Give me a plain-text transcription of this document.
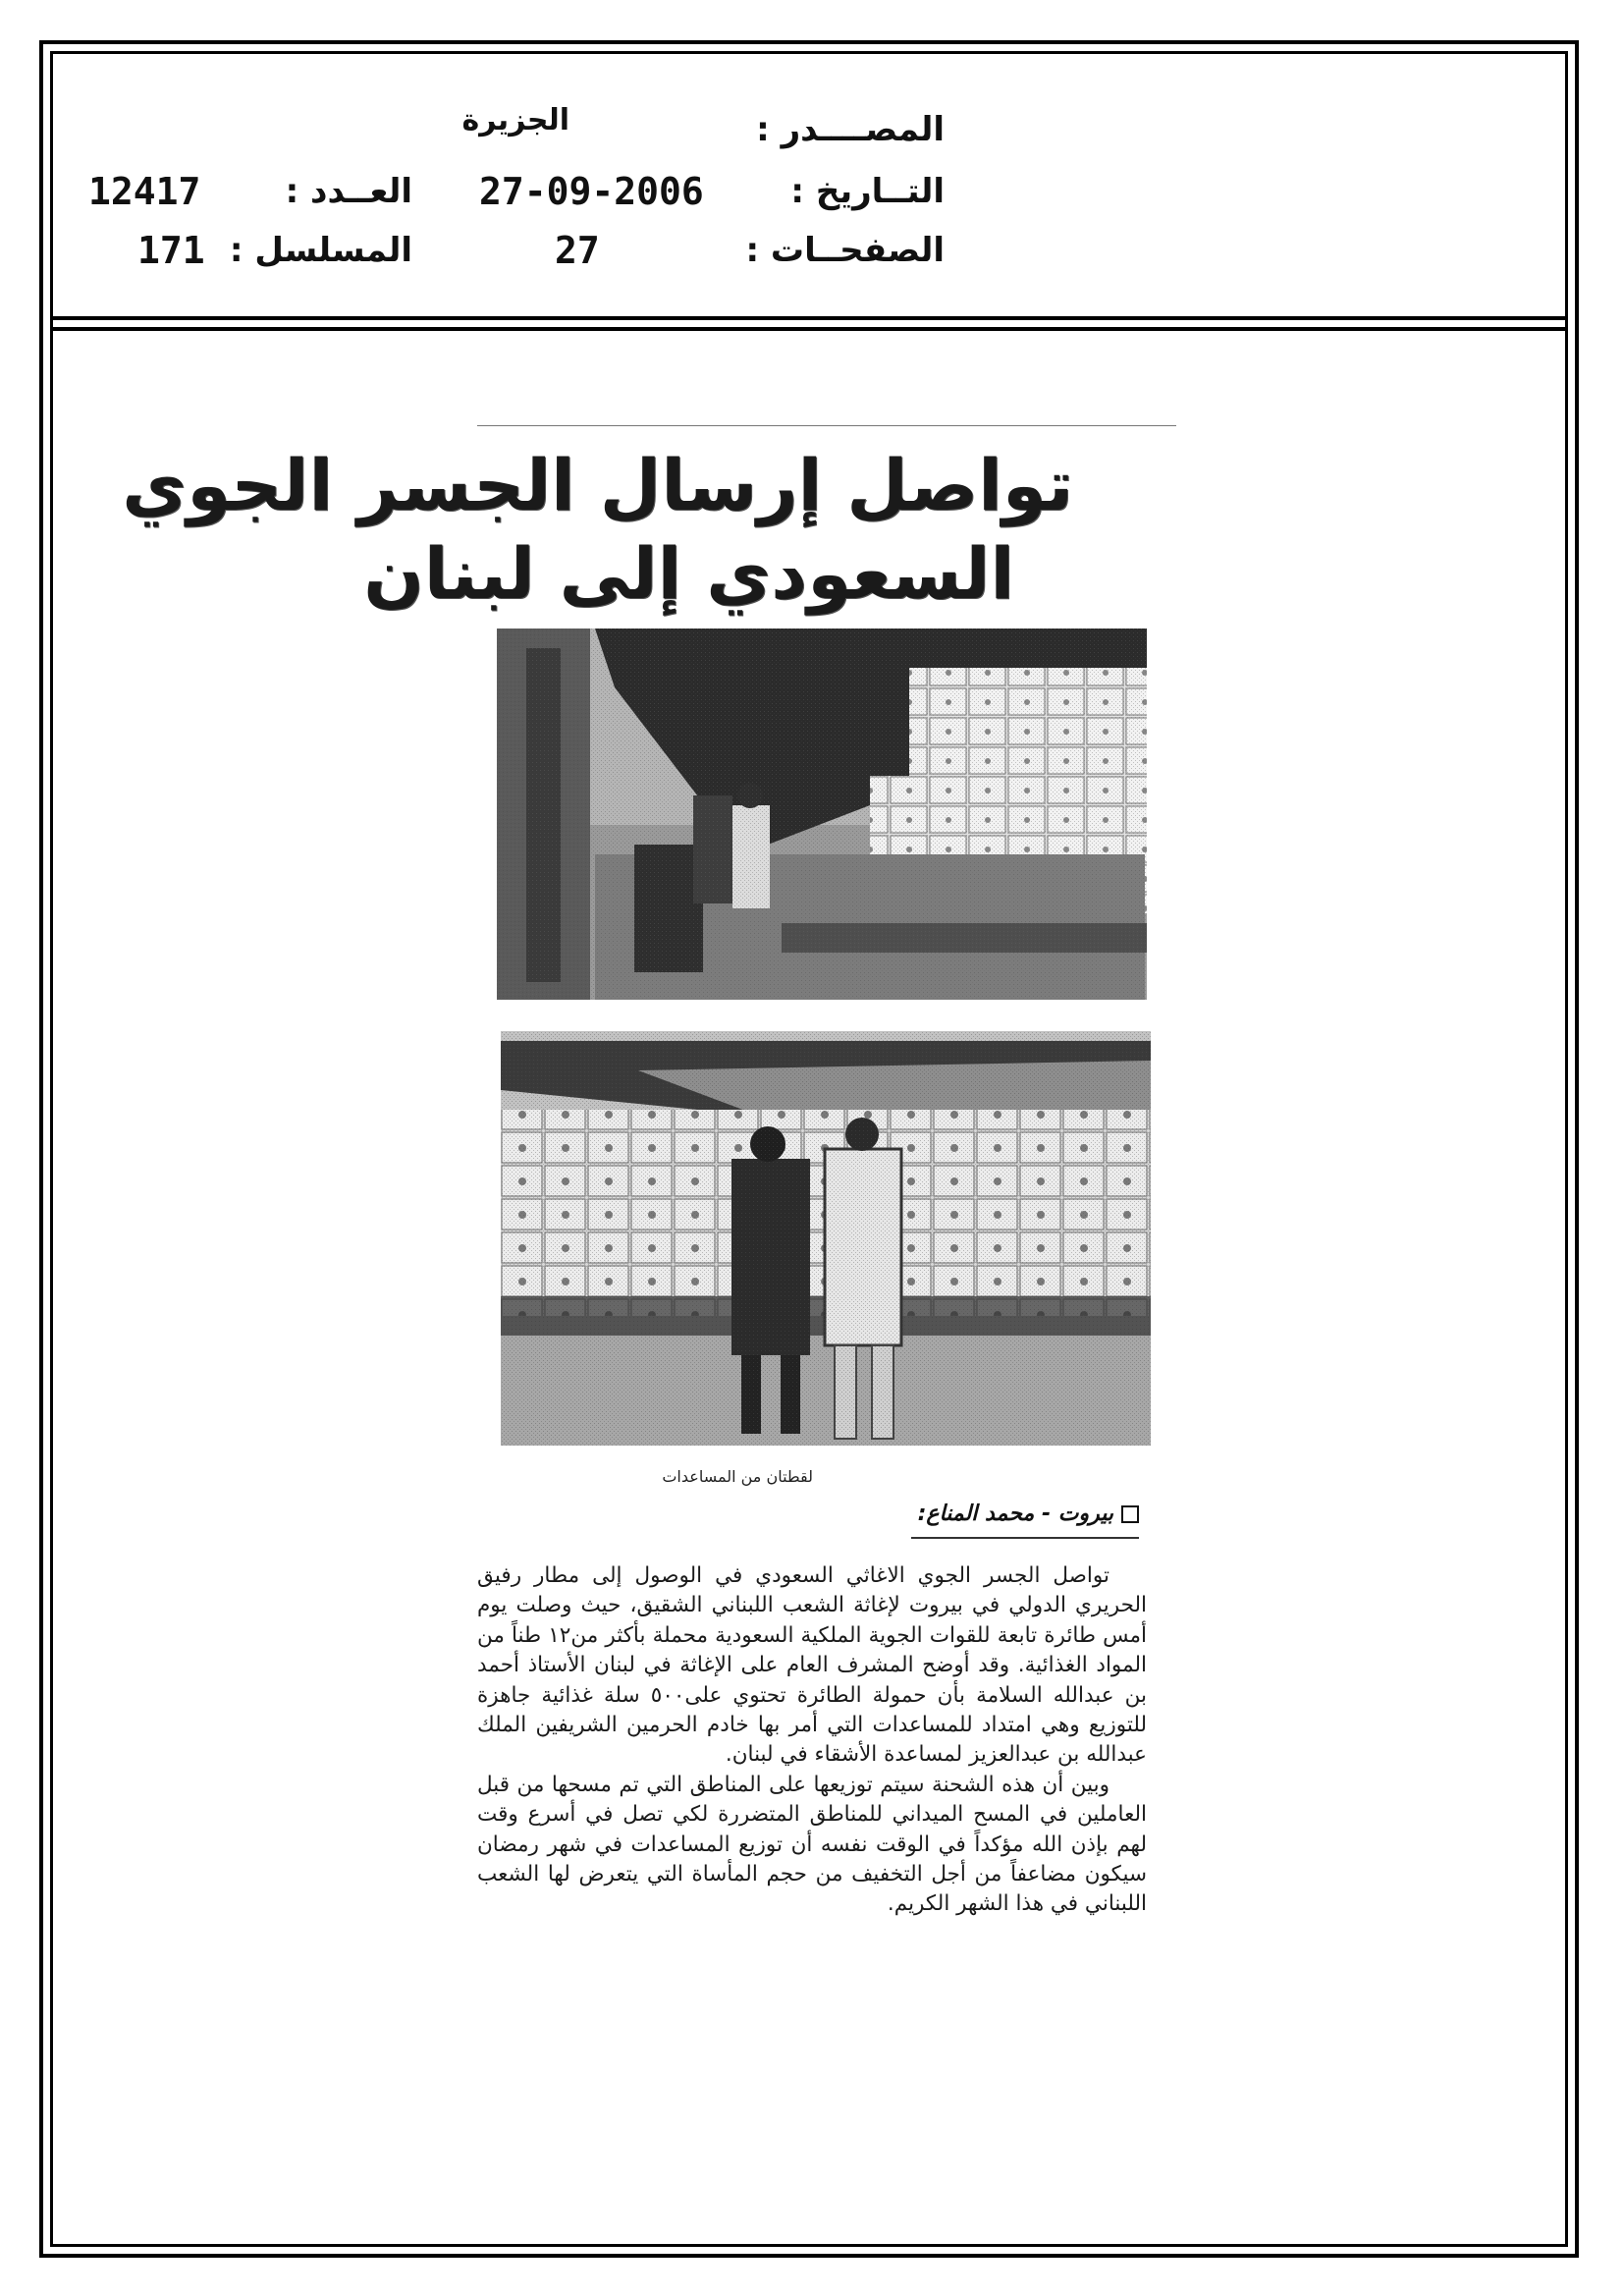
المصــــدر :
الجزيرة
التــاريخ :
27-09-2006
العــدد :
12417
الصفحــات :
27
المسلسل :
171
تواصل إرسال الجسر الجوي
السعودي إلى لبنان
لقطتان من المساعدات
بيروت - محمد المناع:

تواصل الجسر الجوي الاغاثي السعودي في الوصول إلى مطار رفيق الحريري الدولي في بيروت لإغاثة الشعب اللبناني الشقيق، حيث وصلت يوم أمس طائرة تابعة للقوات الجوية الملكية السعودية محملة بأكثر من١٢ طناً من المواد الغذائية. وقد أوضح المشرف العام على الإغاثة في لبنان الأستاذ أحمد بن عبدالله السلامة بأن حمولة الطائرة تحتوي على٥٠٠ سلة غذائية جاهزة للتوزيع وهي امتداد للمساعدات التي أمر بها خادم الحرمين الشريفين الملك عبدالله بن عبدالعزيز لمساعدة الأشقاء في لبنان.

وبين أن هذه الشحنة سيتم توزيعها على المناطق التي تم مسحها من قبل العاملين في المسح الميداني للمناطق المتضررة لكي تصل في أسرع وقت لهم بإذن الله مؤكداً في الوقت نفسه أن توزيع المساعدات في شهر رمضان سيكون مضاعفاً من أجل التخفيف من حجم المأساة التي يتعرض لها الشعب اللبناني في هذا الشهر الكريم.
